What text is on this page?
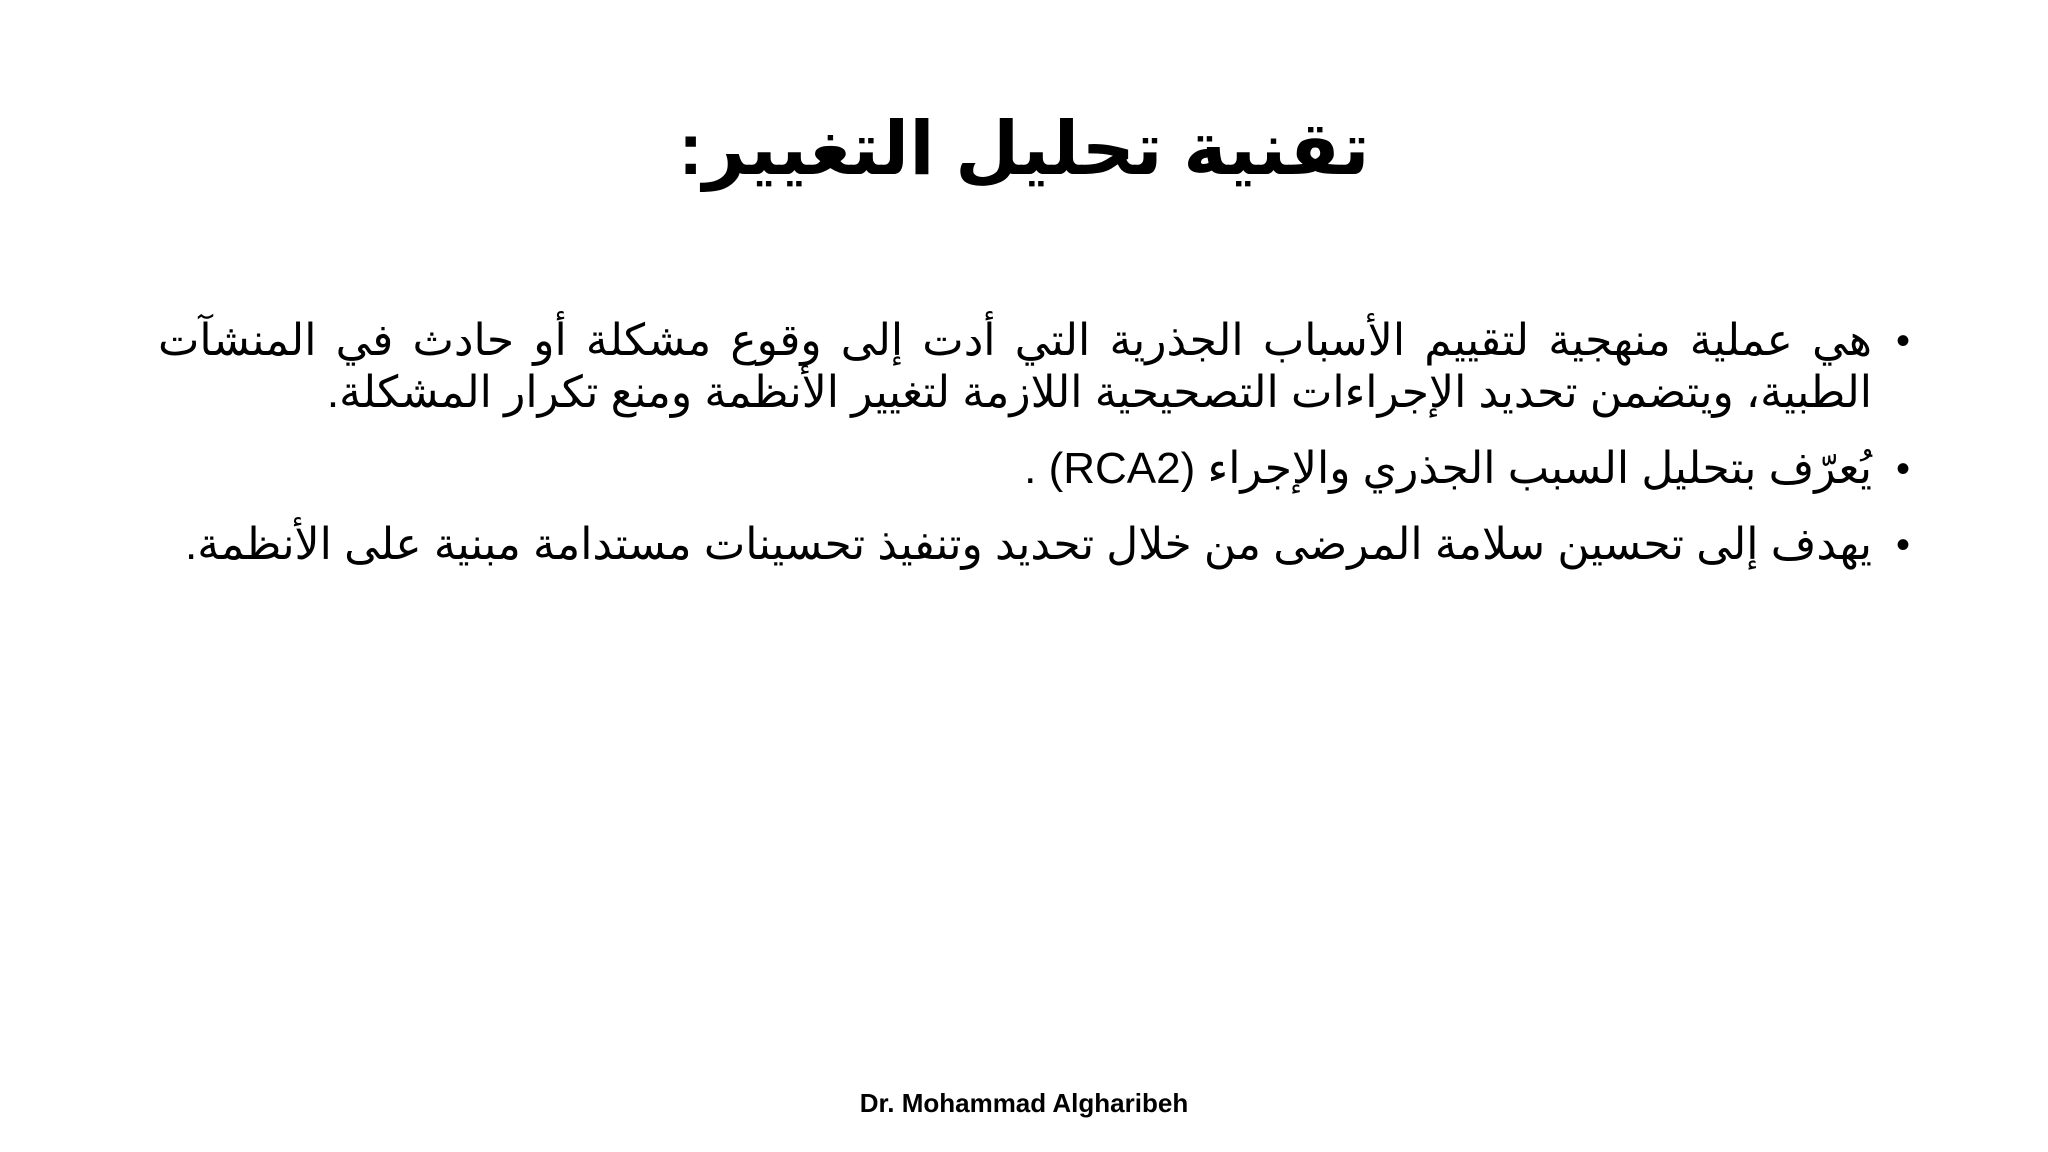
تقنية تحليل التغيير:
•
هي عملية منهجية لتقييم الأسباب الجذرية التي أدت إلى وقوع مشكلة أو حادث في المنشآت الطبية، ويتضمن تحديد الإجراءات التصحيحية اللازمة لتغيير الأنظمة ومنع تكرار المشكلة.
•
يُعرّف بتحليل السبب الجذري والإجراء (RCA2) .
•
يهدف إلى تحسين سلامة المرضى من خلال تحديد وتنفيذ تحسينات مستدامة مبنية على الأنظمة.
Dr. Mohammad Algharibeh
